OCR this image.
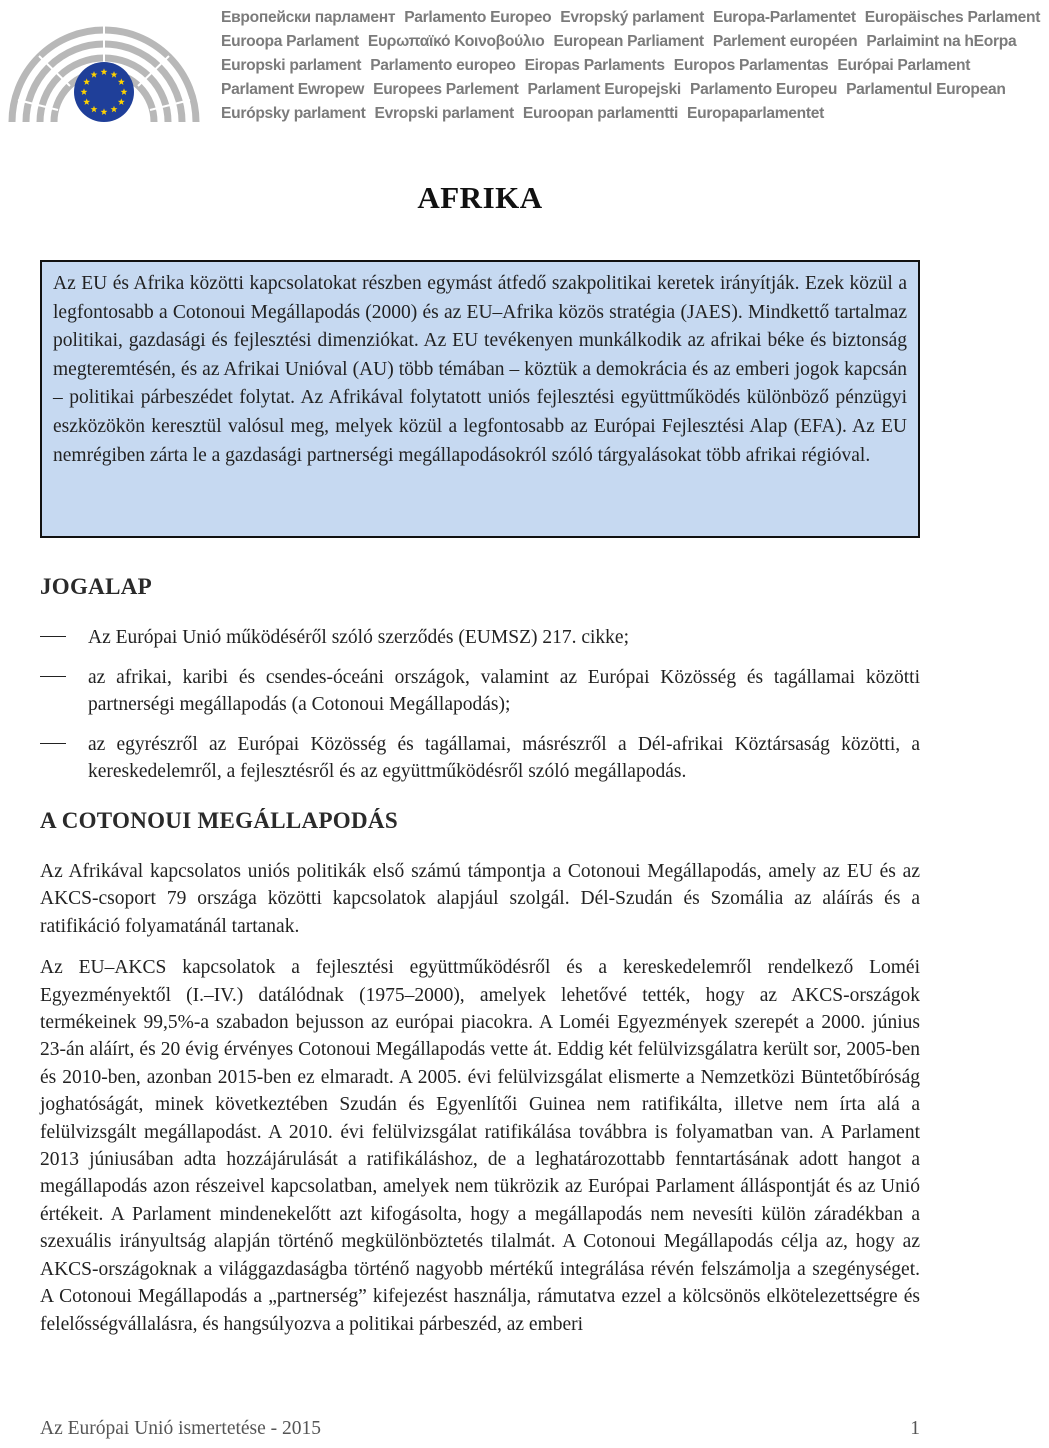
Европейски парламент Parlamento Europeo Evropský parlament Europa-Parlamentet Europäisches Parlament
Euroopa Parlament Ευρωπαϊκό Κοινοβούλιο European Parliament Parlement européen Parlaimint na hEorpa
Europski parlament Parlamento europeo Eiropas Parlaments Europos Parlamentas Európai Parlament
Parlament Ewropew Europees Parlement Parlament Europejski Parlamento Europeu Parlamentul European
Európsky parlament Evropski parlament Euroopan parlamentti Europaparlamentet
AFRIKA
Az EU és Afrika közötti kapcsolatokat részben egymást átfedő szakpolitikai keretek irányítják. Ezek közül a legfontosabb a Cotonoui Megállapodás (2000) és az EU–Afrika közös stratégia (JAES). Mindkettő tartalmaz politikai, gazdasági és fejlesztési dimenziókat. Az EU tevékenyen munkálkodik az afrikai béke és biztonság megteremtésén, és az Afrikai Unióval (AU) több témában – köztük a demokrácia és az emberi jogok kapcsán – politikai párbeszédet folytat. Az Afrikával folytatott uniós fejlesztési együttműködés különböző pénzügyi eszközökön keresztül valósul meg, melyek közül a legfontosabb az Európai Fejlesztési Alap (EFA). Az EU nemrégiben zárta le a gazdasági partnerségi megállapodásokról szóló tárgyalásokat több afrikai régióval.
JOGALAP
Az Európai Unió működéséről szóló szerződés (EUMSZ) 217. cikke;
az afrikai, karibi és csendes-óceáni országok, valamint az Európai Közösség és tagállamai közötti partnerségi megállapodás (a Cotonoui Megállapodás);
az egyrészről az Európai Közösség és tagállamai, másrészről a Dél-afrikai Köztársaság közötti, a kereskedelemről, a fejlesztésről és az együttműködésről szóló megállapodás.
A COTONOUI MEGÁLLAPODÁS

Az Afrikával kapcsolatos uniós politikák első számú támpontja a Cotonoui Megállapodás, amely az EU és az AKCS-csoport 79 országa közötti kapcsolatok alapjául szolgál. Dél-Szudán és Szomália az aláírás és a ratifikáció folyamatánál tartanak.

Az EU–AKCS kapcsolatok a fejlesztési együttműködésről és a kereskedelemről rendelkező Loméi Egyezményektől (I.–IV.) datálódnak (1975–2000), amelyek lehetővé tették, hogy az AKCS-országok termékeinek 99,5%-a szabadon bejusson az európai piacokra. A Loméi Egyezmények szerepét a 2000. június 23-án aláírt, és 20 évig érvényes Cotonoui Megállapodás vette át. Eddig két felülvizsgálatra került sor, 2005-ben és 2010-ben, azonban 2015-ben ez elmaradt. A 2005. évi felülvizsgálat elismerte a Nemzetközi Büntetőbíróság joghatóságát, minek következtében Szudán és Egyenlítői Guinea nem ratifikálta, illetve nem írta alá a felülvizsgált megállapodást. A 2010. évi felülvizsgálat ratifikálása továbbra is folyamatban van. A Parlament 2013 júniusában adta hozzájárulását a ratifikáláshoz, de a leghatározottabb fenntartásának adott hangot a megállapodás azon részeivel kapcsolatban, amelyek nem tükrözik az Európai Parlament álláspontját és az Unió értékeit. A Parlament mindenekelőtt azt kifogásolta, hogy a megállapodás nem nevesíti külön záradékban a szexuális irányultság alapján történő megkülönböztetés tilalmát. A Cotonoui Megállapodás célja az, hogy az AKCS-országoknak a világgazdaságba történő nagyobb mértékű integrálása révén felszámolja a szegénységet. A Cotonoui Megállapodás a „partnerség” kifejezést használja, rámutatva ezzel a kölcsönös elkötelezettségre és felelősségvállalásra, és hangsúlyozva a politikai párbeszéd, az emberi

Az Európai Unió ismertetése - 2015	1
